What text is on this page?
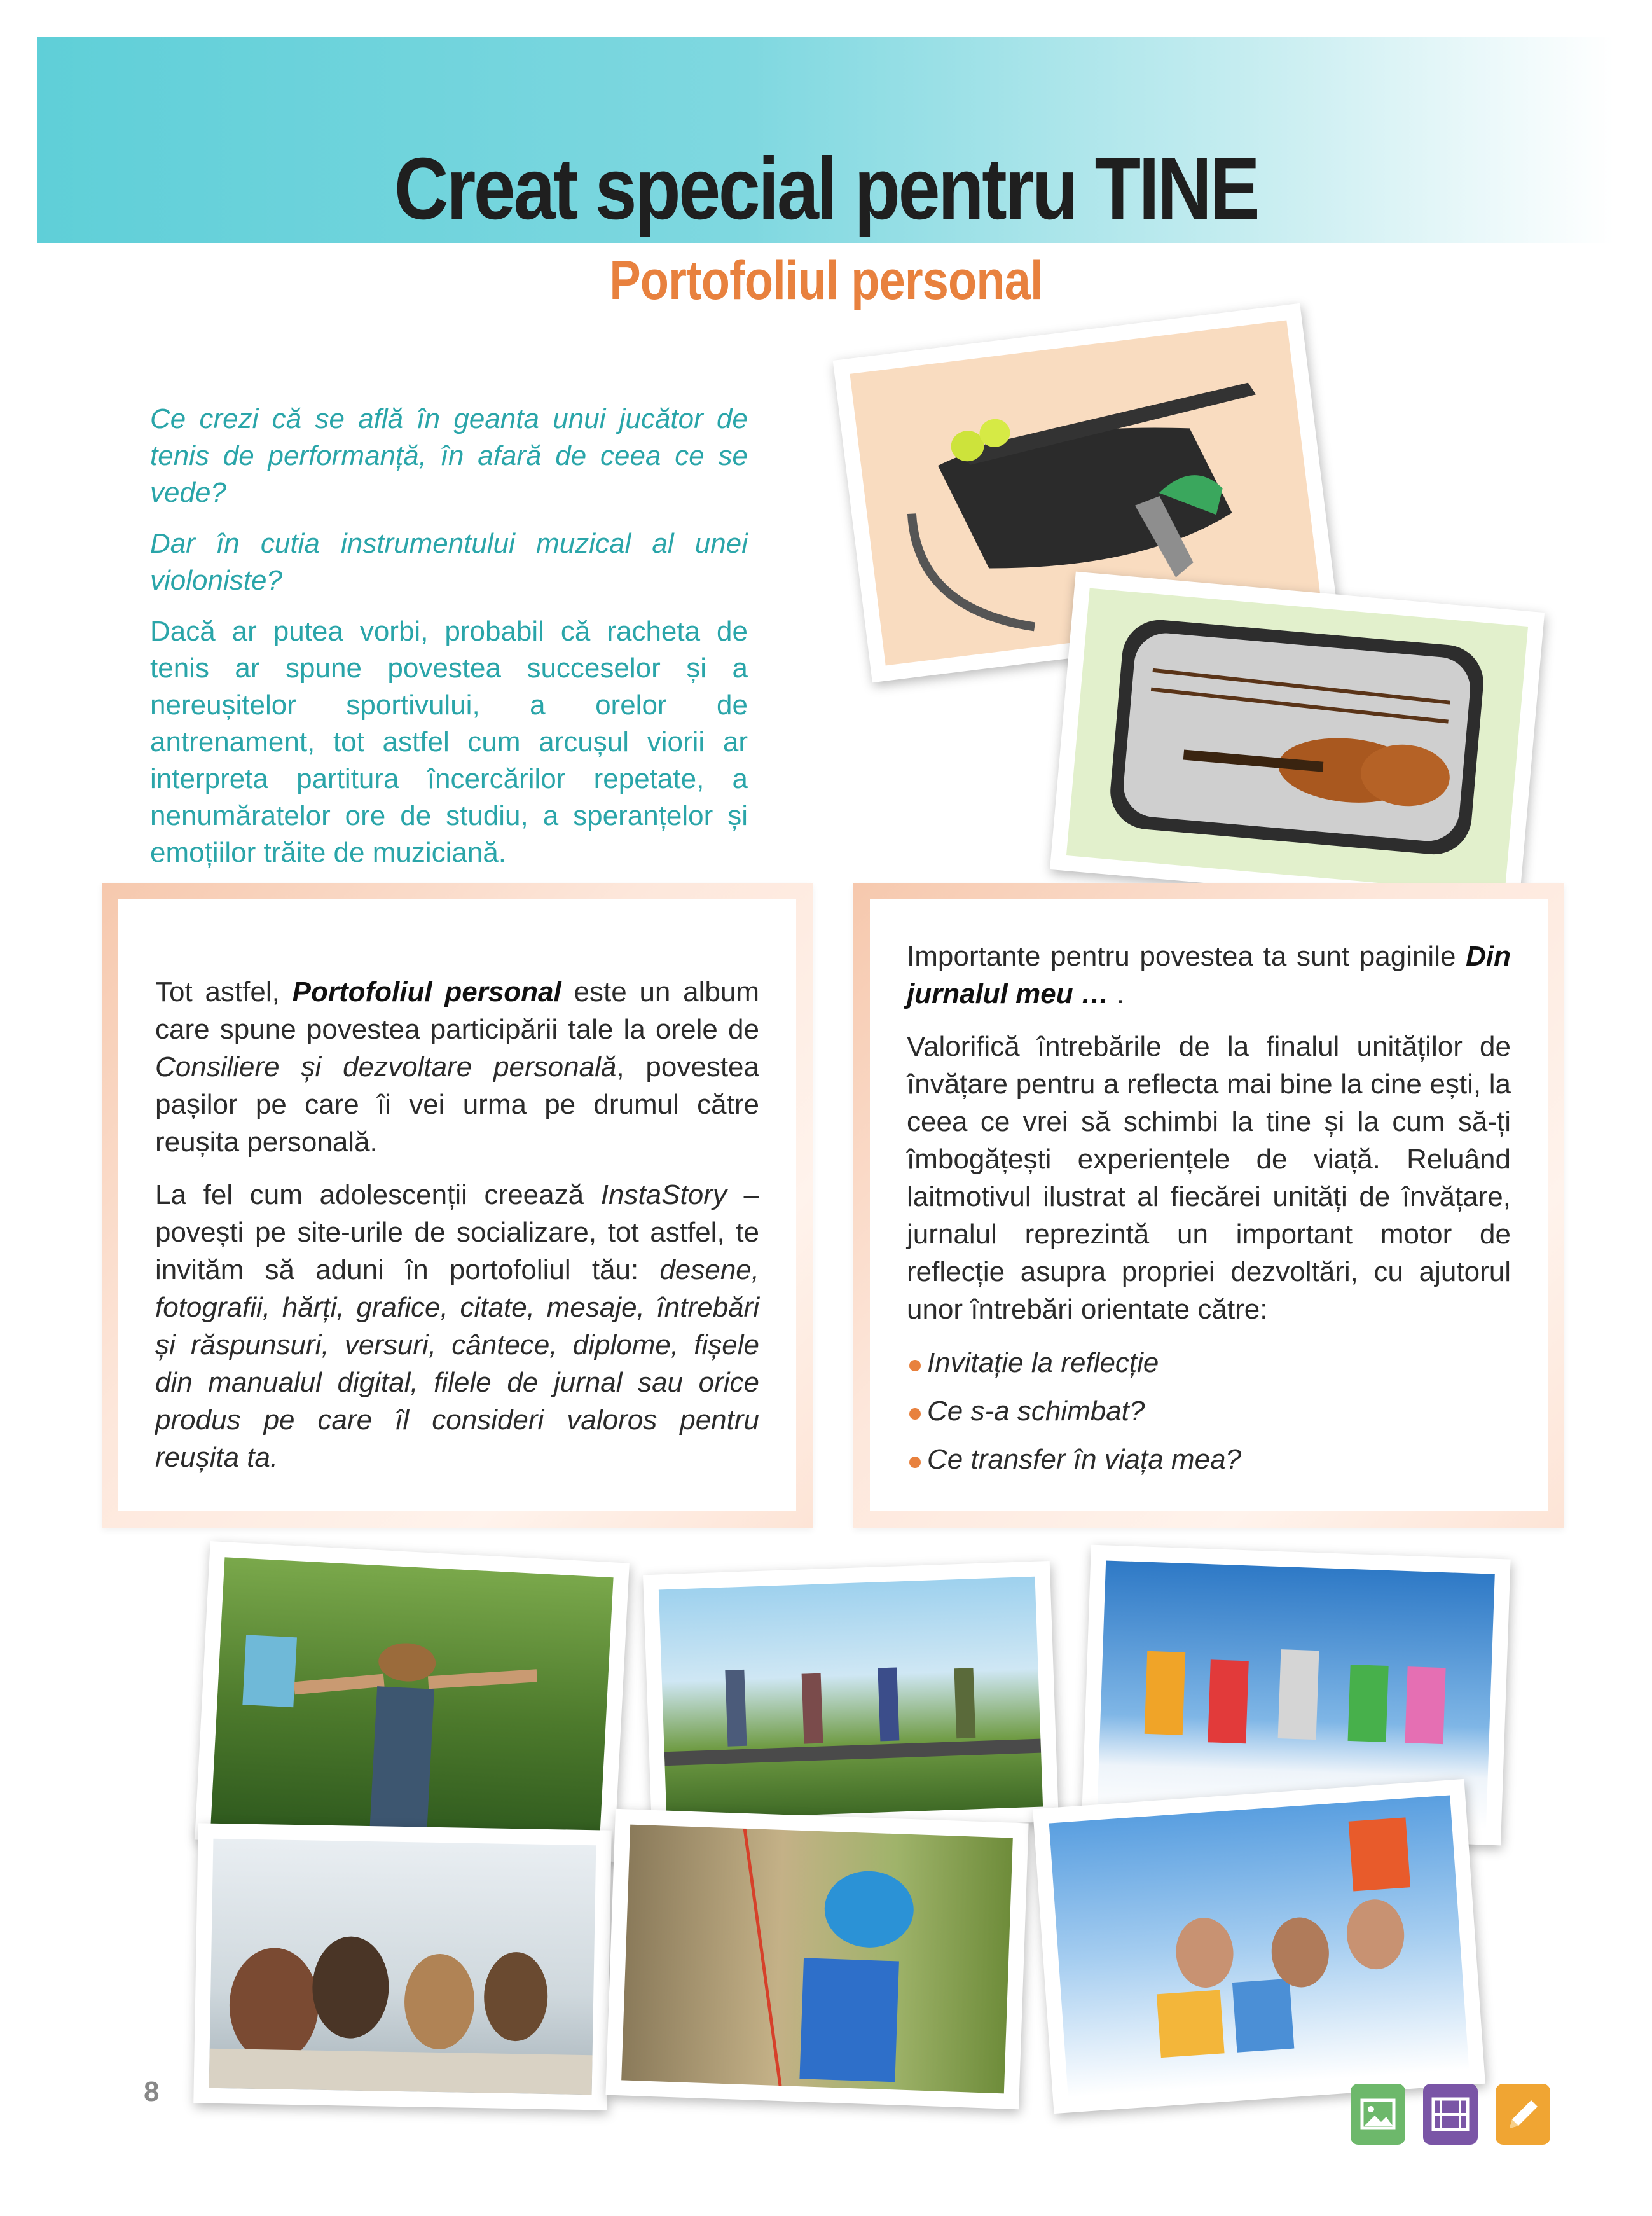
Creat special pentru TINE
Portofoliul personal

Ce crezi că se află în geanta unui jucător de tenis de performanță, în afară de ceea ce se vede?

Dar în cutia instrumentului muzical al unei violoniste?

Dacă ar putea vorbi, probabil că racheta de tenis ar spune povestea succeselor și a nereușitelor sportivului, a orelor de antrenament, tot astfel cum arcușul viorii ar interpreta partitura încercărilor repetate, a nenumăratelor ore de studiu, a speranțelor și emoțiilor trăite de muziciană.

Tot astfel, Portofoliul personal este un album care spune povestea participării tale la orele de Consiliere și dezvoltare personală, povestea pașilor pe care îi vei urma pe drumul către reușita personală.

La fel cum adolescenții creează InstaStory – povești pe site-urile de socializare, tot astfel, te invităm să aduni în portofoliul tău: desene, fotografii, hărți, grafice, citate, mesaje, întrebări și răspunsuri, versuri, cântece, diplome, fișele din manualul digital, filele de jurnal sau orice produs pe care îl consideri valoros pentru reușita ta.

Importante pentru povestea ta sunt paginile Din jurnalul meu … .

Valorifică întrebările de la finalul unităților de învățare pentru a reflecta mai bine la cine ești, la ceea ce vrei să schimbi la tine și la cum să-ți îmbogățești experiențele de viață. Reluând laitmotivul ilustrat al fiecărei unități de învățare, jurnalul reprezintă un important motor de reflecție asupra propriei dezvoltări, cu ajutorul unor întrebări orientate către:

Invitație la reflecție
Ce s-a schimbat?
Ce transfer în viața mea?
8
